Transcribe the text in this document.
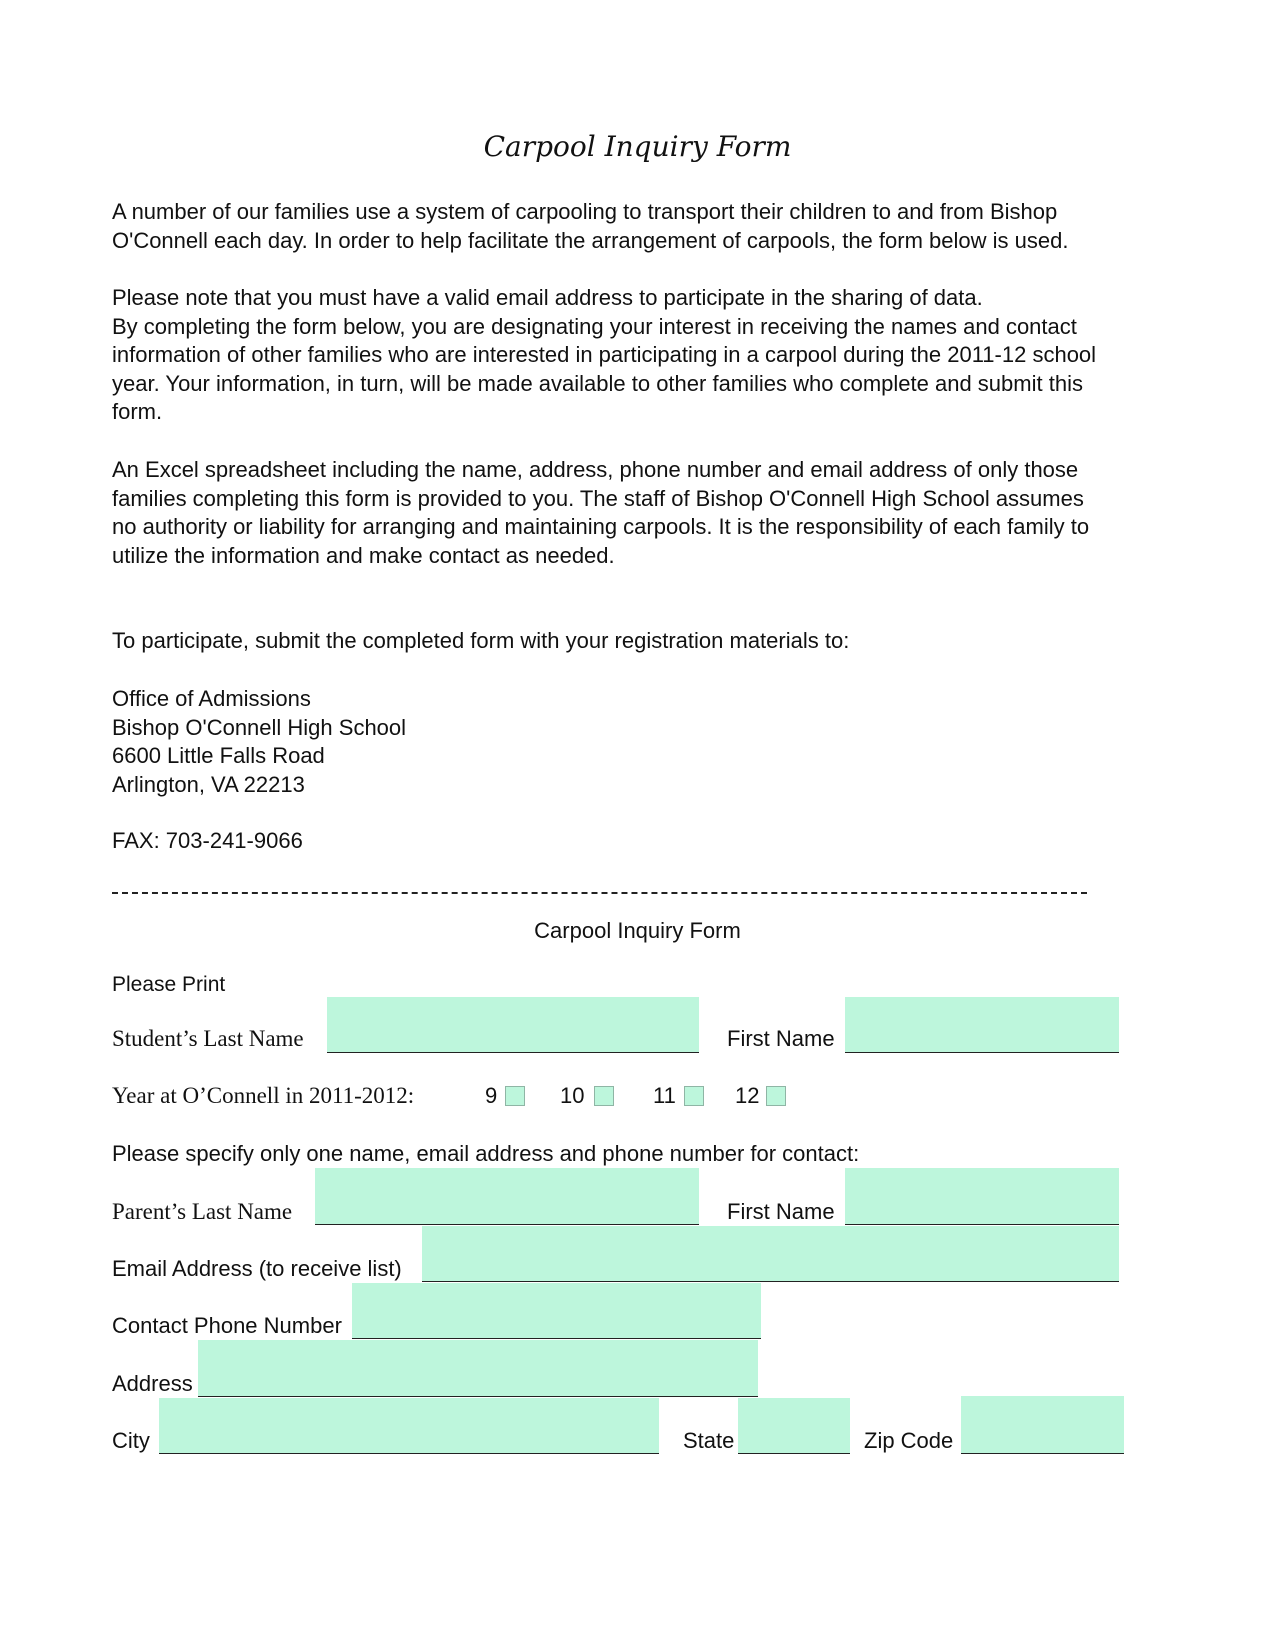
Carpool Inquiry Form
A number of our families use a system of carpooling to transport their children to and from Bishop
O'Connell each day. In order to help facilitate the arrangement of carpools, the form below is used.
Please note that you must have a valid email address to participate in the sharing of data.
By completing the form below, you are designating your interest in receiving the names and contact
information of other families who are interested in participating in a carpool during the 2011-12 school
year. Your information, in turn, will be made available to other families who complete and submit this
form.
An Excel spreadsheet including the name, address, phone number and email address of only those
families completing this form is provided to you. The staff of Bishop O'Connell High School assumes
no authority or liability for arranging and maintaining carpools. It is the responsibility of each family to
utilize the information and make contact as needed.
To participate, submit the completed form with your registration materials to:
Office of Admissions
Bishop O'Connell High School
6600 Little Falls Road
Arlington, VA 22213
FAX: 703-241-9066
Carpool Inquiry Form
Please Print
Student’s Last Name	First Name
Year at O’Connell in 2011-2012:	9	10	11	12
Please specify only one name, email address and phone number for contact:
Parent’s Last Name	First Name
Email Address (to receive list)
Contact Phone Number
Address
City	State	Zip Code
